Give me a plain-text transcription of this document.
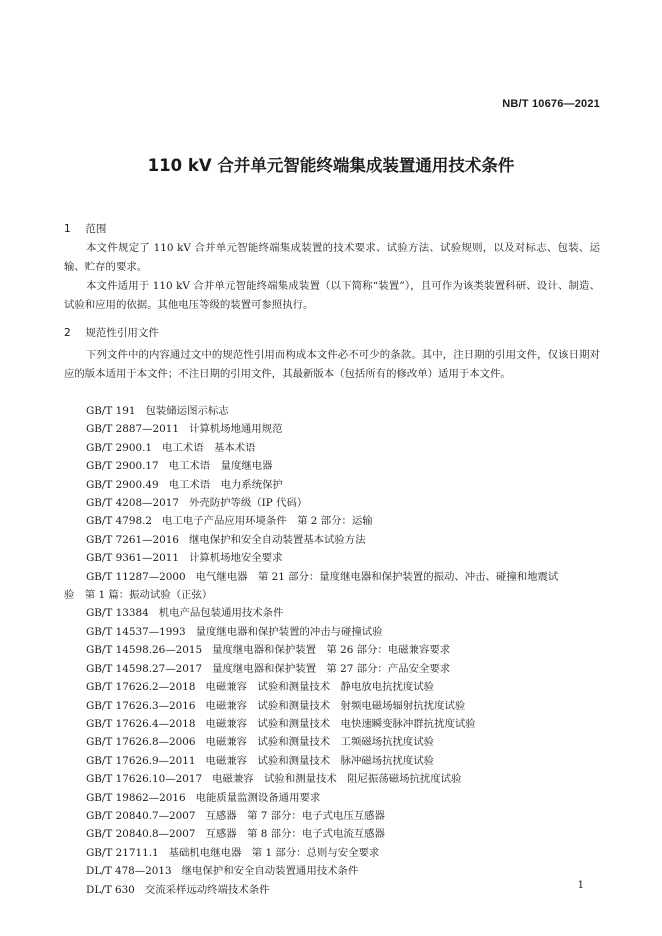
NB/T 10676—2021
110 kV 合并单元智能终端集成装置通用技术条件
1 范围
本文件规定了 110 kV 合并单元智能终端集成装置的技术要求、试验方法、试验规则，以及对标志、包装、运输、贮存的要求。
本文件适用于 110 kV 合并单元智能终端集成装置（以下简称“装置”），且可作为该类装置科研、设计、制造、试验和应用的依据。其他电压等级的装置可参照执行。
2 规范性引用文件
下列文件中的内容通过文中的规范性引用而构成本文件必不可少的条款。其中，注日期的引用文件，仅该日期对应的版本适用于本文件；不注日期的引用文件，其最新版本（包括所有的修改单）适用于本文件。
GB/T 191 包装储运图示标志
GB/T 2887—2011 计算机场地通用规范
GB/T 2900.1 电工术语　基本术语
GB/T 2900.17 电工术语　量度继电器
GB/T 2900.49 电工术语　电力系统保护
GB/T 4208—2017 外壳防护等级（IP 代码）
GB/T 4798.2 电工电子产品应用环境条件　第 2 部分：运输
GB/T 7261—2016 继电保护和安全自动装置基本试验方法
GB/T 9361—2011 计算机场地安全要求
GB/T 11287—2000 电气继电器　第 21 部分：量度继电器和保护装置的振动、冲击、碰撞和地震试
验　第 1 篇：振动试验（正弦）
GB/T 13384 机电产品包装通用技术条件
GB/T 14537—1993 量度继电器和保护装置的冲击与碰撞试验
GB/T 14598.26—2015 量度继电器和保护装置　第 26 部分：电磁兼容要求
GB/T 14598.27—2017 量度继电器和保护装置　第 27 部分：产品安全要求
GB/T 17626.2—2018 电磁兼容　试验和测量技术　静电放电抗扰度试验
GB/T 17626.3—2016 电磁兼容　试验和测量技术　射频电磁场辐射抗扰度试验
GB/T 17626.4—2018 电磁兼容　试验和测量技术　电快速瞬变脉冲群抗扰度试验
GB/T 17626.8—2006 电磁兼容　试验和测量技术　工频磁场抗扰度试验
GB/T 17626.9—2011 电磁兼容　试验和测量技术　脉冲磁场抗扰度试验
GB/T 17626.10—2017 电磁兼容　试验和测量技术　阻尼振荡磁场抗扰度试验
GB/T 19862—2016 电能质量监测设备通用要求
GB/T 20840.7—2007 互感器　第 7 部分：电子式电压互感器
GB/T 20840.8—2007 互感器　第 8 部分：电子式电流互感器
GB/T 21711.1 基础机电继电器　第 1 部分：总则与安全要求
DL/T 478—2013 继电保护和安全自动装置通用技术条件
DL/T 630 交流采样远动终端技术条件	1
